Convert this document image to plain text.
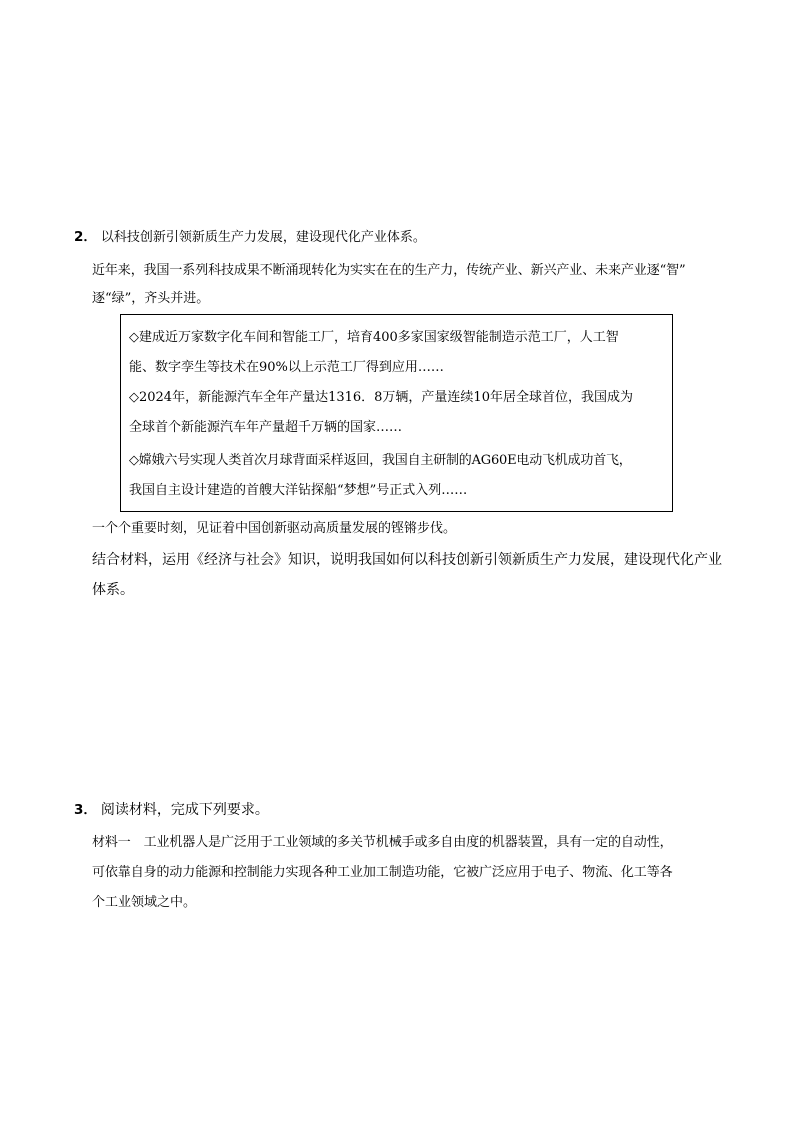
2． 以科技创新引领新质生产力发展，建设现代化产业体系。
近年来，我国一系列科技成果不断涌现转化为实实在在的生产力，传统产业、新兴产业、未来产业逐“智”
逐“绿”，齐头并进。
◇建成近万家数字化车间和智能工厂，培育400多家国家级智能制造示范工厂，人工智
能、数字孪生等技术在90%以上示范工厂得到应用……
◇2024年，新能源汽车全年产量达1316．8万辆，产量连续10年居全球首位，我国成为
全球首个新能源汽车年产量超千万辆的国家……
◇嫦娥六号实现人类首次月球背面采样返回，我国自主研制的AG60E电动飞机成功首飞，
我国自主设计建造的首艘大洋钻探船“梦想”号正式入列……
一个个重要时刻，见证着中国创新驱动高质量发展的铿锵步伐。
结合材料，运用《经济与社会》知识，说明我国如何以科技创新引领新质生产力发展，建设现代化产业
体系。
3． 阅读材料，完成下列要求。
材料一　工业机器人是广泛用于工业领域的多关节机械手或多自由度的机器装置，具有一定的自动性，
可依靠自身的动力能源和控制能力实现各种工业加工制造功能，它被广泛应用于电子、物流、化工等各
个工业领域之中。
